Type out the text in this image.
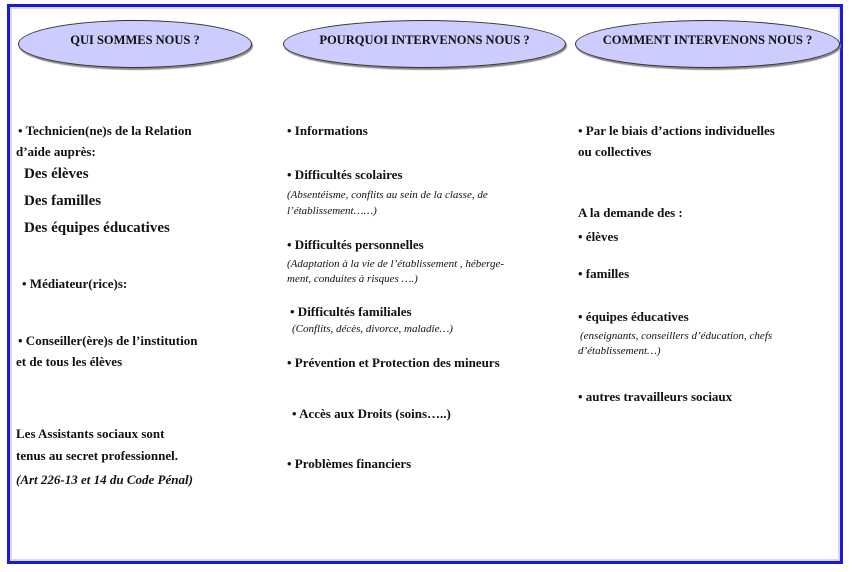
QUI SOMMES NOUS ?	POURQUOI INTERVENONS NOUS ?	COMMENT INTERVENONS NOUS ?
• Technicien(ne)s de la Relation
d’aide auprès:
Des élèves
Des familles
Des équipes éducatives
• Médiateur(rice)s:
• Conseiller(ère)s de l’institution
et de tous les élèves
Les Assistants sociaux sont
tenus au secret professionnel.
(Art 226-13 et 14 du Code Pénal)
• Informations
• Difficultés scolaires
(Absentéisme, conflits au sein de la classe, de
l’établissement……)
• Difficultés personnelles
(Adaptation à la vie de l’établissement , héberge-
ment, conduites à risques ….)
• Difficultés familiales
(Conflits, décès, divorce, maladie…)
• Prévention et Protection des mineurs
• Accès aux Droits (soins…..)
• Problèmes financiers
• Par le biais d’actions individuelles
ou collectives
A la demande des :
• élèves
• familles
• équipes éducatives
(enseignants, conseillers d’éducation, chefs
d’établissement…)
• autres travailleurs sociaux
